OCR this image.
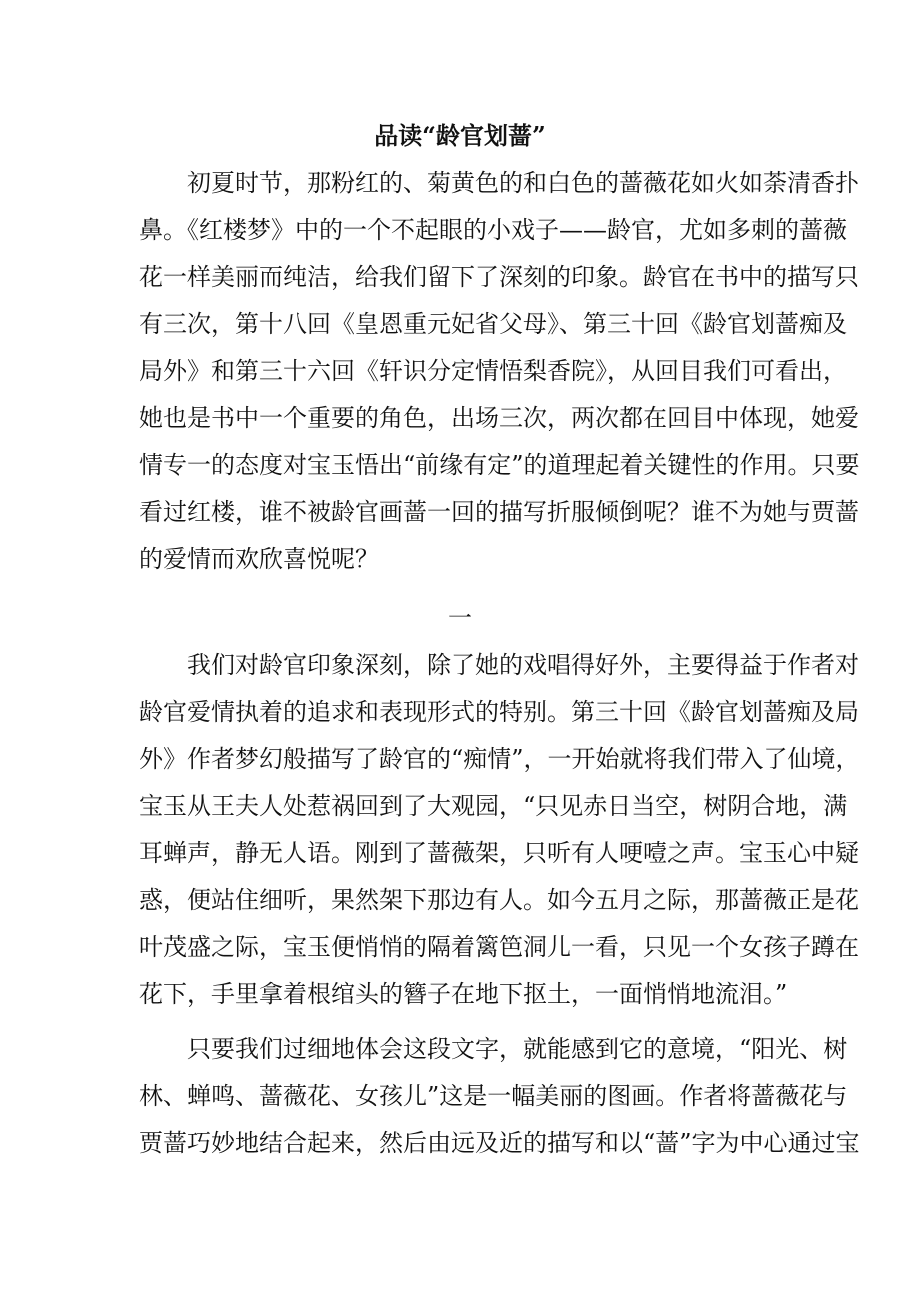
品读“龄官划蔷”
初夏时节，那粉红的、菊黄色的和白色的蔷薇花如火如荼清香扑
鼻。《红楼梦》中的一个不起眼的小戏子——龄官，尤如多刺的蔷薇
花一样美丽而纯洁，给我们留下了深刻的印象。龄官在书中的描写只
有三次，第十八回《皇恩重元妃省父母》、第三十回《龄官划蔷痴及
局外》和第三十六回《轩识分定情悟梨香院》，从回目我们可看出，
她也是书中一个重要的角色，出场三次，两次都在回目中体现，她爱
情专一的态度对宝玉悟出“前缘有定”的道理起着关键性的作用。只要
看过红楼，谁不被龄官画蔷一回的描写折服倾倒呢？谁不为她与贾蔷
的爱情而欢欣喜悦呢？
一
我们对龄官印象深刻，除了她的戏唱得好外，主要得益于作者对
龄官爱情执着的追求和表现形式的特别。第三十回《龄官划蔷痴及局
外》作者梦幻般描写了龄官的“痴情”，一开始就将我们带入了仙境，
宝玉从王夫人处惹祸回到了大观园，“只见赤日当空，树阴合地，满
耳蝉声，静无人语。刚到了蔷薇架，只听有人哽噎之声。宝玉心中疑
惑，便站住细听，果然架下那边有人。如今五月之际，那蔷薇正是花
叶茂盛之际，宝玉便悄悄的隔着篱笆洞儿一看，只见一个女孩子蹲在
花下，手里拿着根绾头的簪子在地下抠土，一面悄悄地流泪。”
只要我们过细地体会这段文字，就能感到它的意境，“阳光、树
林、蝉鸣、蔷薇花、女孩儿”这是一幅美丽的图画。作者将蔷薇花与
贾蔷巧妙地结合起来，然后由远及近的描写和以“蔷”字为中心通过宝
